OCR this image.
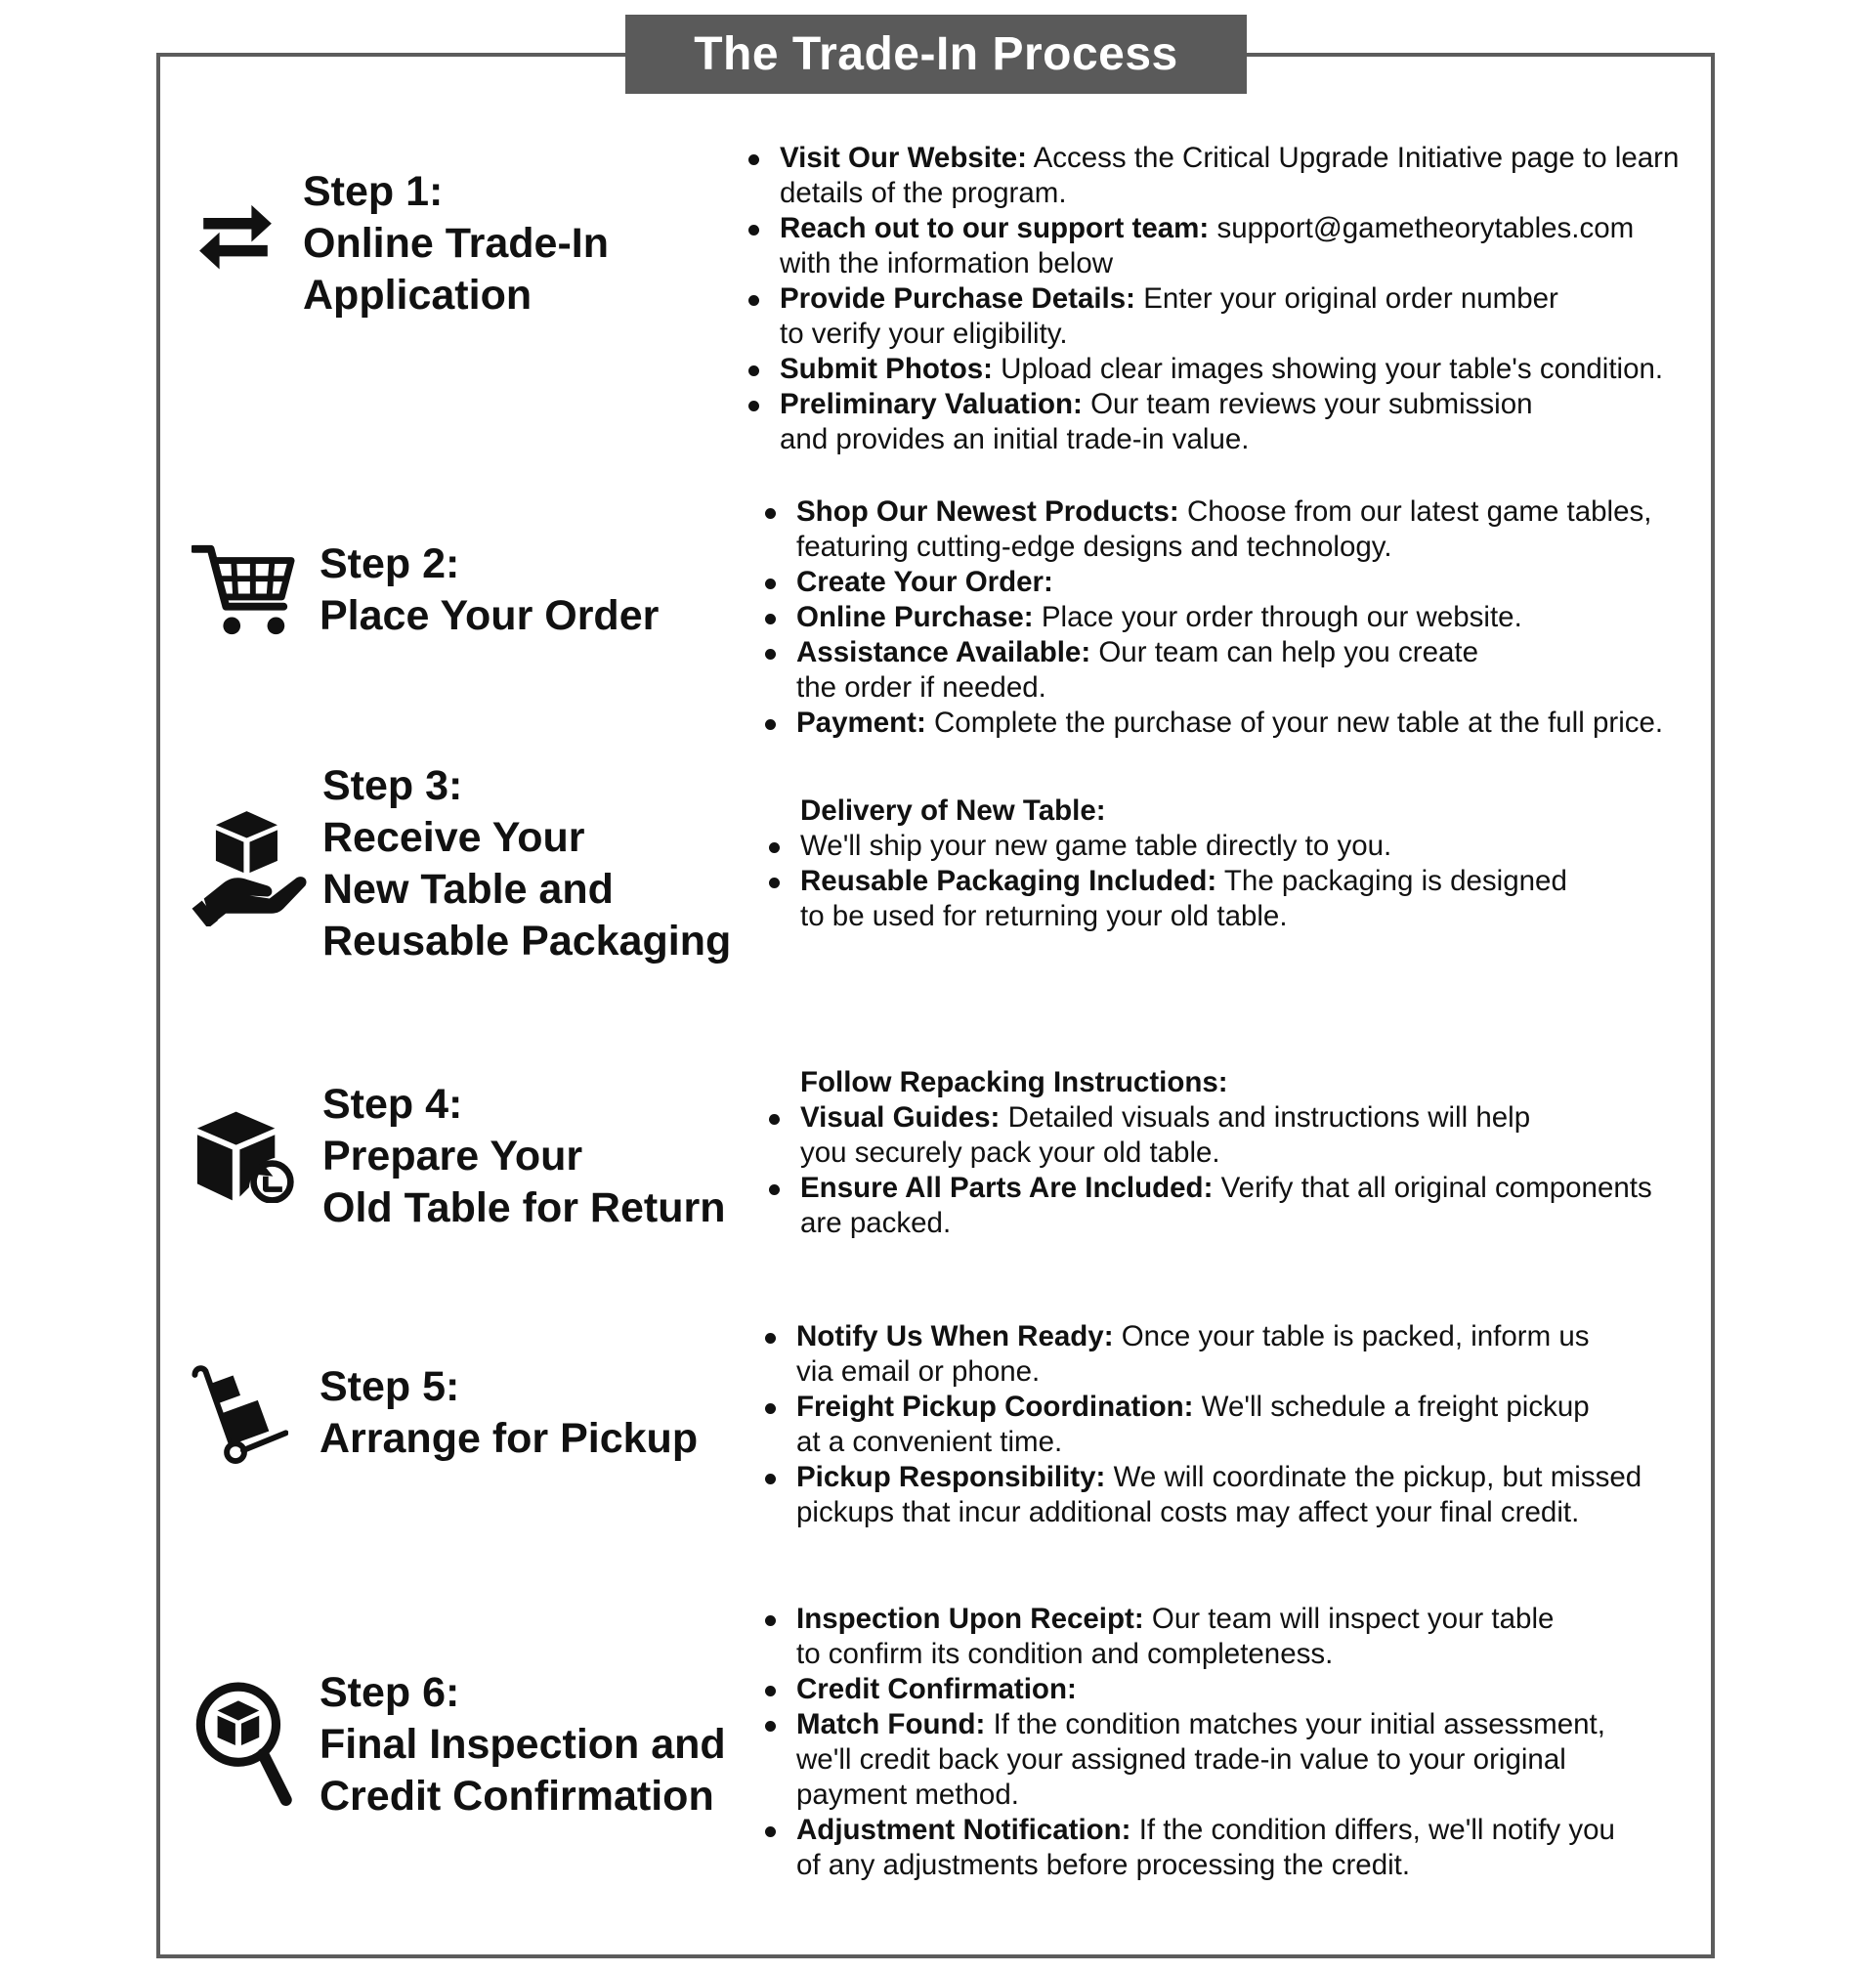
The Trade-In Process
Step 1:
Online Trade-In
Application
Visit Our Website: Access the Critical Upgrade Initiative page to learn
details of the program.
Reach out to our support team: support@gametheorytables.com
with the information below
Provide Purchase Details: Enter your original order number
to verify your eligibility.
Submit Photos: Upload clear images showing your table's condition.
Preliminary Valuation: Our team reviews your submission
and provides an initial trade-in value.
Step 2:
Place Your Order
Shop Our Newest Products: Choose from our latest game tables,
featuring cutting-edge designs and technology.
Create Your Order:
Online Purchase: Place your order through our website.
Assistance Available: Our team can help you create
the order if needed.
Payment: Complete the purchase of your new table at the full price.
Step 3:
Receive Your
New Table and
Reusable Packaging
Delivery of New Table:
We'll ship your new game table directly to you.
Reusable Packaging Included: The packaging is designed
to be used for returning your old table.
Step 4:
Prepare Your
Old Table for Return
Follow Repacking Instructions:
Visual Guides: Detailed visuals and instructions will help
you securely pack your old table.
Ensure All Parts Are Included: Verify that all original components
are packed.
Step 5:
Arrange for Pickup
Notify Us When Ready: Once your table is packed, inform us
via email or phone.
Freight Pickup Coordination: We'll schedule a freight pickup
at a convenient time.
Pickup Responsibility: We will coordinate the pickup, but missed
pickups that incur additional costs may affect your final credit.
Step 6:
Final Inspection and
Credit Confirmation
Inspection Upon Receipt: Our team will inspect your table
to confirm its condition and completeness.
Credit Confirmation:
Match Found: If the condition matches your initial assessment,
we'll credit back your assigned trade-in value to your original
payment method.
Adjustment Notification: If the condition differs, we'll notify you
of any adjustments before processing the credit.
